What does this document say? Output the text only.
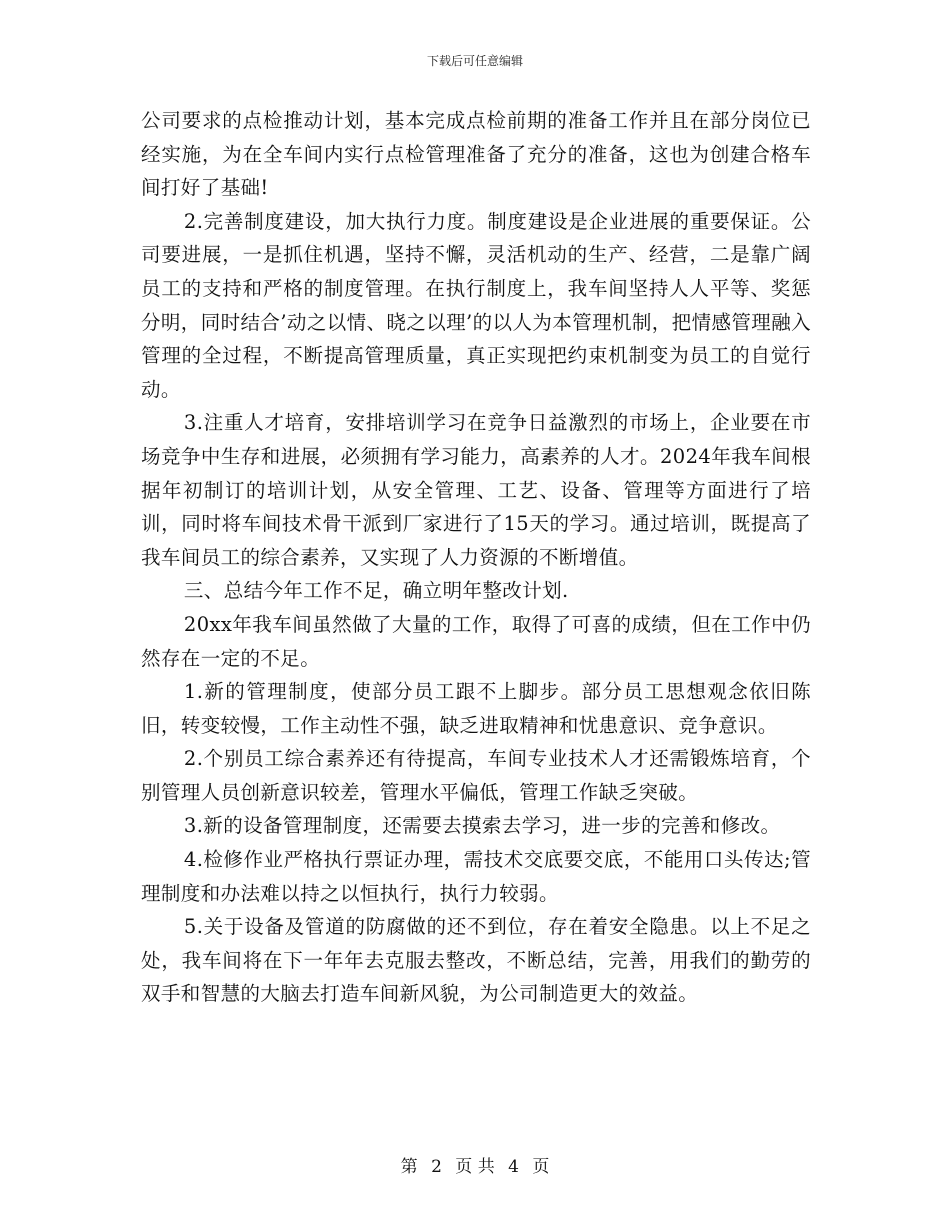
下载后可任意编辑

公司要求的点检推动计划，基本完成点检前期的准备工作并且在部分岗位已经实施，为在全车间内实行点检管理准备了充分的准备，这也为创建合格车间打好了基础!

2.完善制度建设，加大执行力度。制度建设是企业进展的重要保证。公司要进展，一是抓住机遇，坚持不懈，灵活机动的生产、经营，二是靠广阔员工的支持和严格的制度管理。在执行制度上，我车间坚持人人平等、奖惩分明，同时结合’动之以情、晓之以理’的以人为本管理机制，把情感管理融入管理的全过程，不断提高管理质量，真正实现把约束机制变为员工的自觉行动。

3.注重人才培育，安排培训学习在竞争日益激烈的市场上，企业要在市场竞争中生存和进展，必须拥有学习能力，高素养的人才。2024年我车间根据年初制订的培训计划，从安全管理、工艺、设备、管理等方面进行了培训，同时将车间技术骨干派到厂家进行了15天的学习。通过培训，既提高了我车间员工的综合素养，又实现了人力资源的不断增值。

三、总结今年工作不足，确立明年整改计划.

20xx年我车间虽然做了大量的工作，取得了可喜的成绩，但在工作中仍然存在一定的不足。

1.新的管理制度，使部分员工跟不上脚步。部分员工思想观念依旧陈旧，转变较慢，工作主动性不强，缺乏进取精神和忧患意识、竞争意识。

2.个别员工综合素养还有待提高，车间专业技术人才还需锻炼培育，个别管理人员创新意识较差，管理水平偏低，管理工作缺乏突破。

3.新的设备管理制度，还需要去摸索去学习，进一步的完善和修改。

4.检修作业严格执行票证办理，需技术交底要交底，不能用口头传达;管理制度和办法难以持之以恒执行，执行力较弱。

5.关于设备及管道的防腐做的还不到位，存在着安全隐患。以上不足之处，我车间将在下一年年去克服去整改，不断总结，完善，用我们的勤劳的双手和智慧的大脑去打造车间新风貌，为公司制造更大的效益。

第 2 页 共 4 页
